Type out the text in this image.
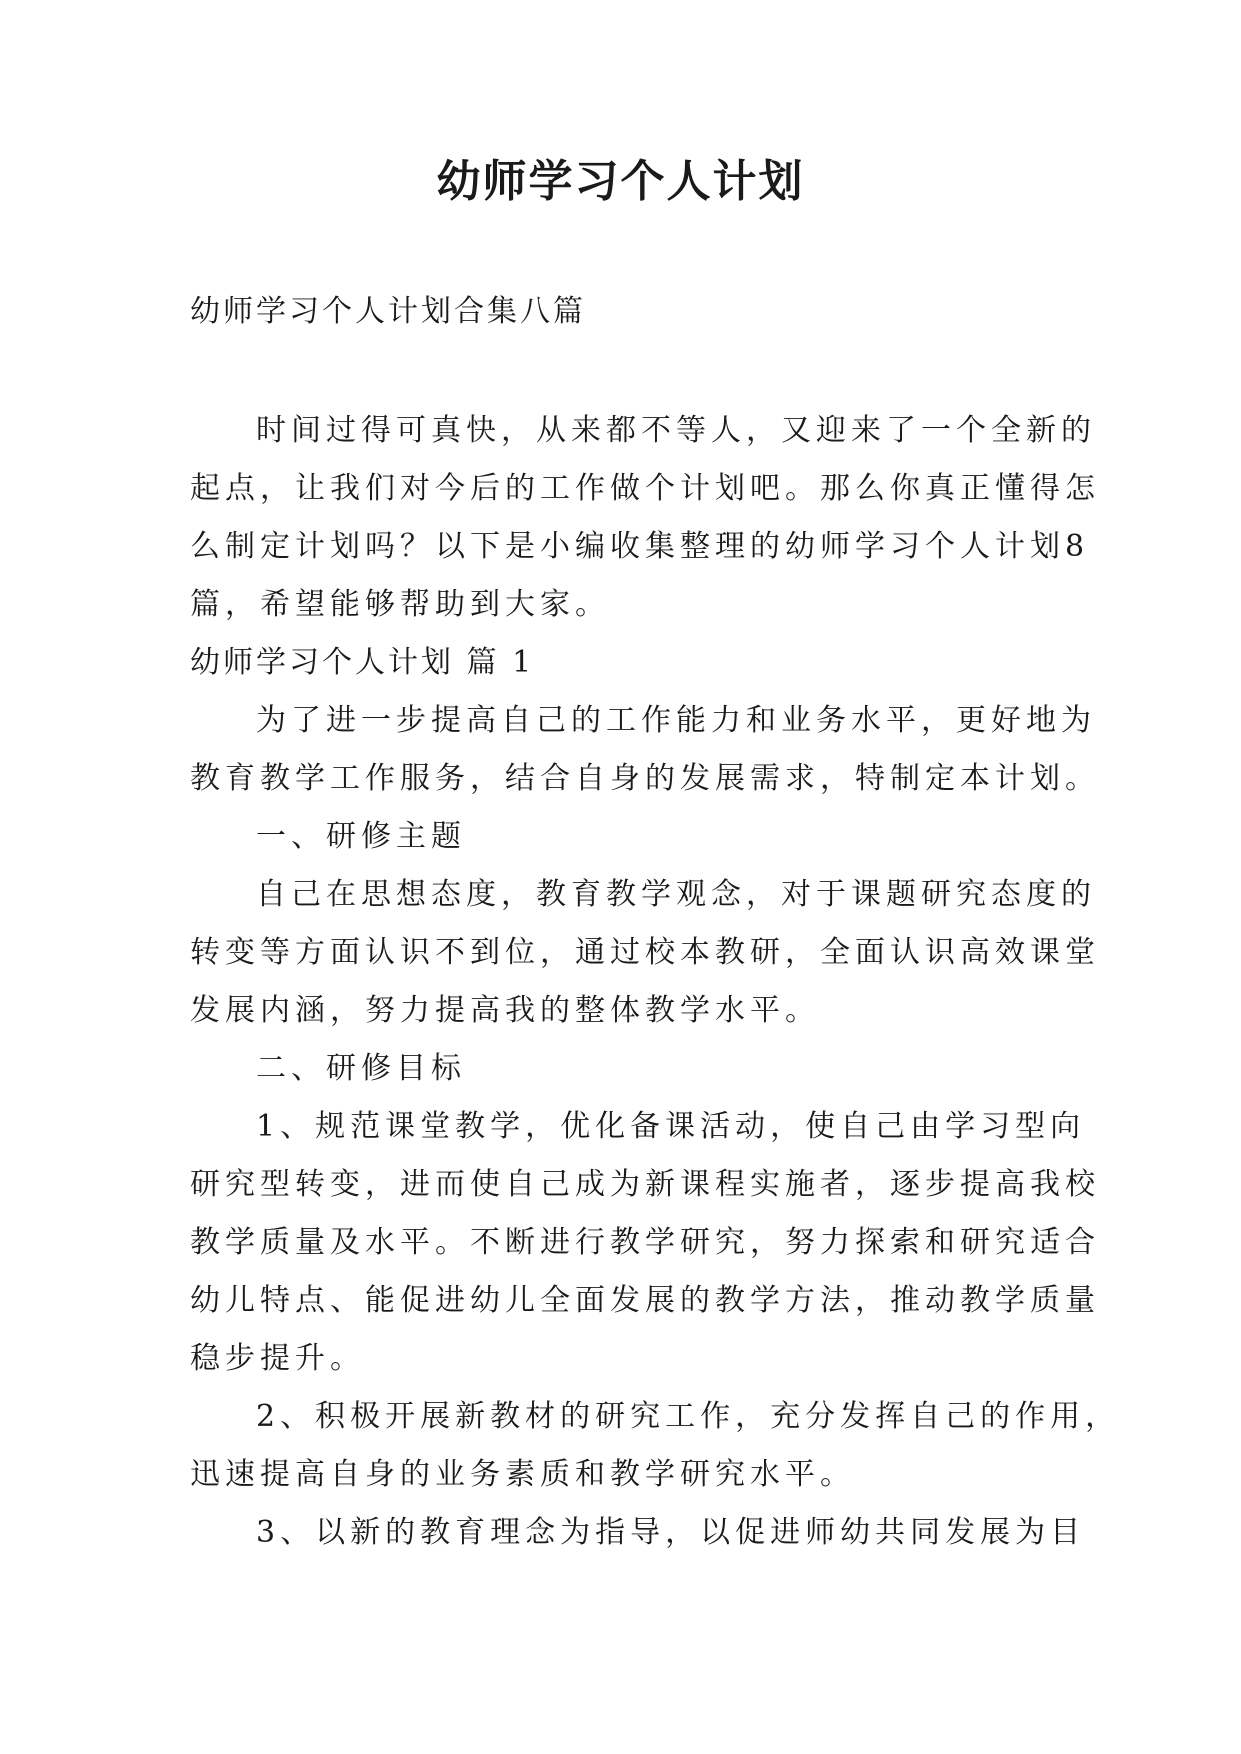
幼师学习个人计划
幼师学习个人计划合集八篇
时间过得可真快，从来都不等人，又迎来了一个全新的
起点，让我们对今后的工作做个计划吧。那么你真正懂得怎
么制定计划吗？以下是小编收集整理的幼师学习个人计划8
篇，希望能够帮助到大家。
幼师学习个人计划 篇 1
为了进一步提高自己的工作能力和业务水平，更好地为
教育教学工作服务，结合自身的发展需求，特制定本计划。
一、研修主题
自己在思想态度，教育教学观念，对于课题研究态度的
转变等方面认识不到位，通过校本教研，全面认识高效课堂
发展内涵，努力提高我的整体教学水平。
二、研修目标
1、规范课堂教学，优化备课活动，使自己由学习型向
研究型转变，进而使自己成为新课程实施者，逐步提高我校
教学质量及水平。不断进行教学研究，努力探索和研究适合
幼儿特点、能促进幼儿全面发展的教学方法，推动教学质量
稳步提升。
2、积极开展新教材的研究工作，充分发挥自己的作用，
迅速提高自身的业务素质和教学研究水平。
3、以新的教育理念为指导，以促进师幼共同发展为目
